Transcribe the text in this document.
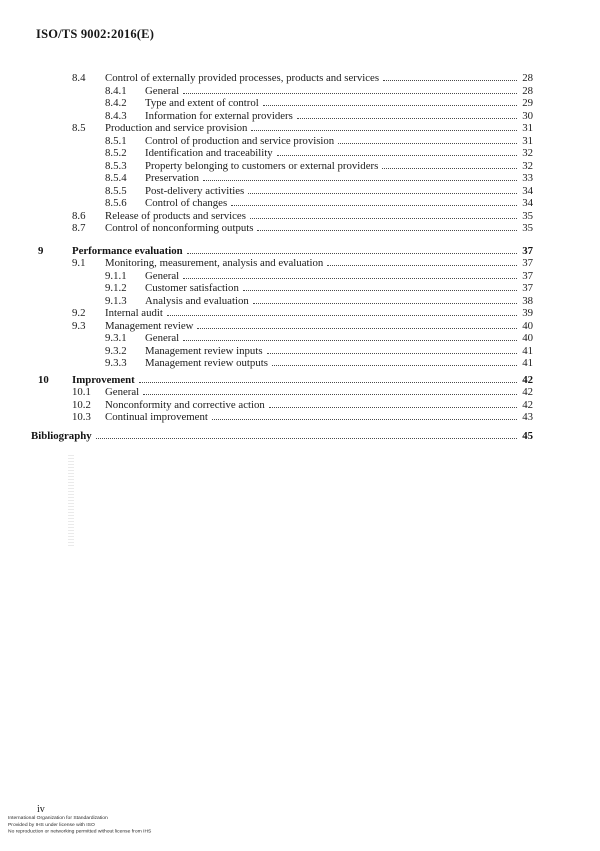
ISO/TS 9002:2016(E)
8.4	Control of externally provided processes, products and services	28
8.4.1	General	28
8.4.2	Type and extent of control	29
8.4.3	Information for external providers	30
8.5	Production and service provision	31
8.5.1	Control of production and service provision	31
8.5.2	Identification and traceability	32
8.5.3	Property belonging to customers or external providers	32
8.5.4	Preservation	33
8.5.5	Post-delivery activities	34
8.5.6	Control of changes	34
8.6	Release of products and services	35
8.7	Control of nonconforming outputs	35
9	Performance evaluation	37
9.1	Monitoring, measurement, analysis and evaluation	37
9.1.1	General	37
9.1.2	Customer satisfaction	37
9.1.3	Analysis and evaluation	38
9.2	Internal audit	39
9.3	Management review	40
9.3.1	General	40
9.3.2	Management review inputs	41
9.3.3	Management review outputs	41
10	Improvement	42
10.1	General	42
10.2	Nonconformity and corrective action	42
10.3	Continual improvement	43
Bibliography	45
iv
International Organization for Standardization
Provided by IHS under license with ISO
No reproduction or networking permitted without license from IHS
